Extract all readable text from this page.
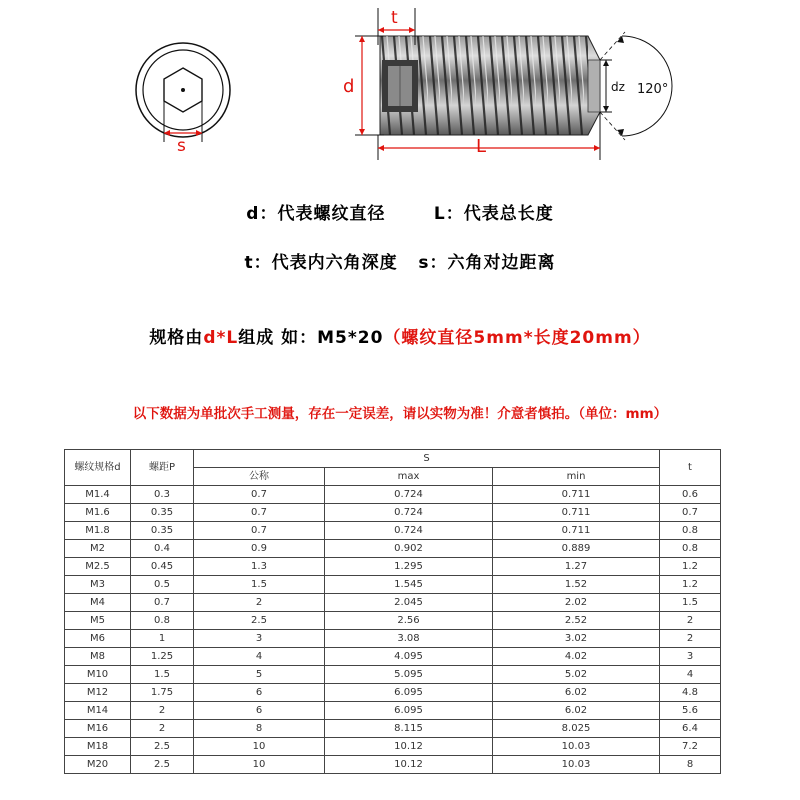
s
t
d
L
dz 120°
d：代表螺纹直径       L：代表总长度
t：代表内六角深度   s：六角对边距离
规格由d*L组成 如：M5*20（螺纹直径5mm*长度20mm）
以下数据为单批次手工测量，存在一定误差，请以实物为准！介意者慎拍。（单位：mm）
螺纹规格d	螺距P	S			t
		公称	max	min	
M1.4	0.3	0.7	0.724	0.711	0.6
M1.6	0.35	0.7	0.724	0.711	0.7
M1.8	0.35	0.7	0.724	0.711	0.8
M2	0.4	0.9	0.902	0.889	0.8
M2.5	0.45	1.3	1.295	1.27	1.2
M3	0.5	1.5	1.545	1.52	1.2
M4	0.7	2	2.045	2.02	1.5
M5	0.8	2.5	2.56	2.52	2
M6	1	3	3.08	3.02	2
M8	1.25	4	4.095	4.02	3
M10	1.5	5	5.095	5.02	4
M12	1.75	6	6.095	6.02	4.8
M14	2	6	6.095	6.02	5.6
M16	2	8	8.115	8.025	6.4
M18	2.5	10	10.12	10.03	7.2
M20	2.5	10	10.12	10.03	8
